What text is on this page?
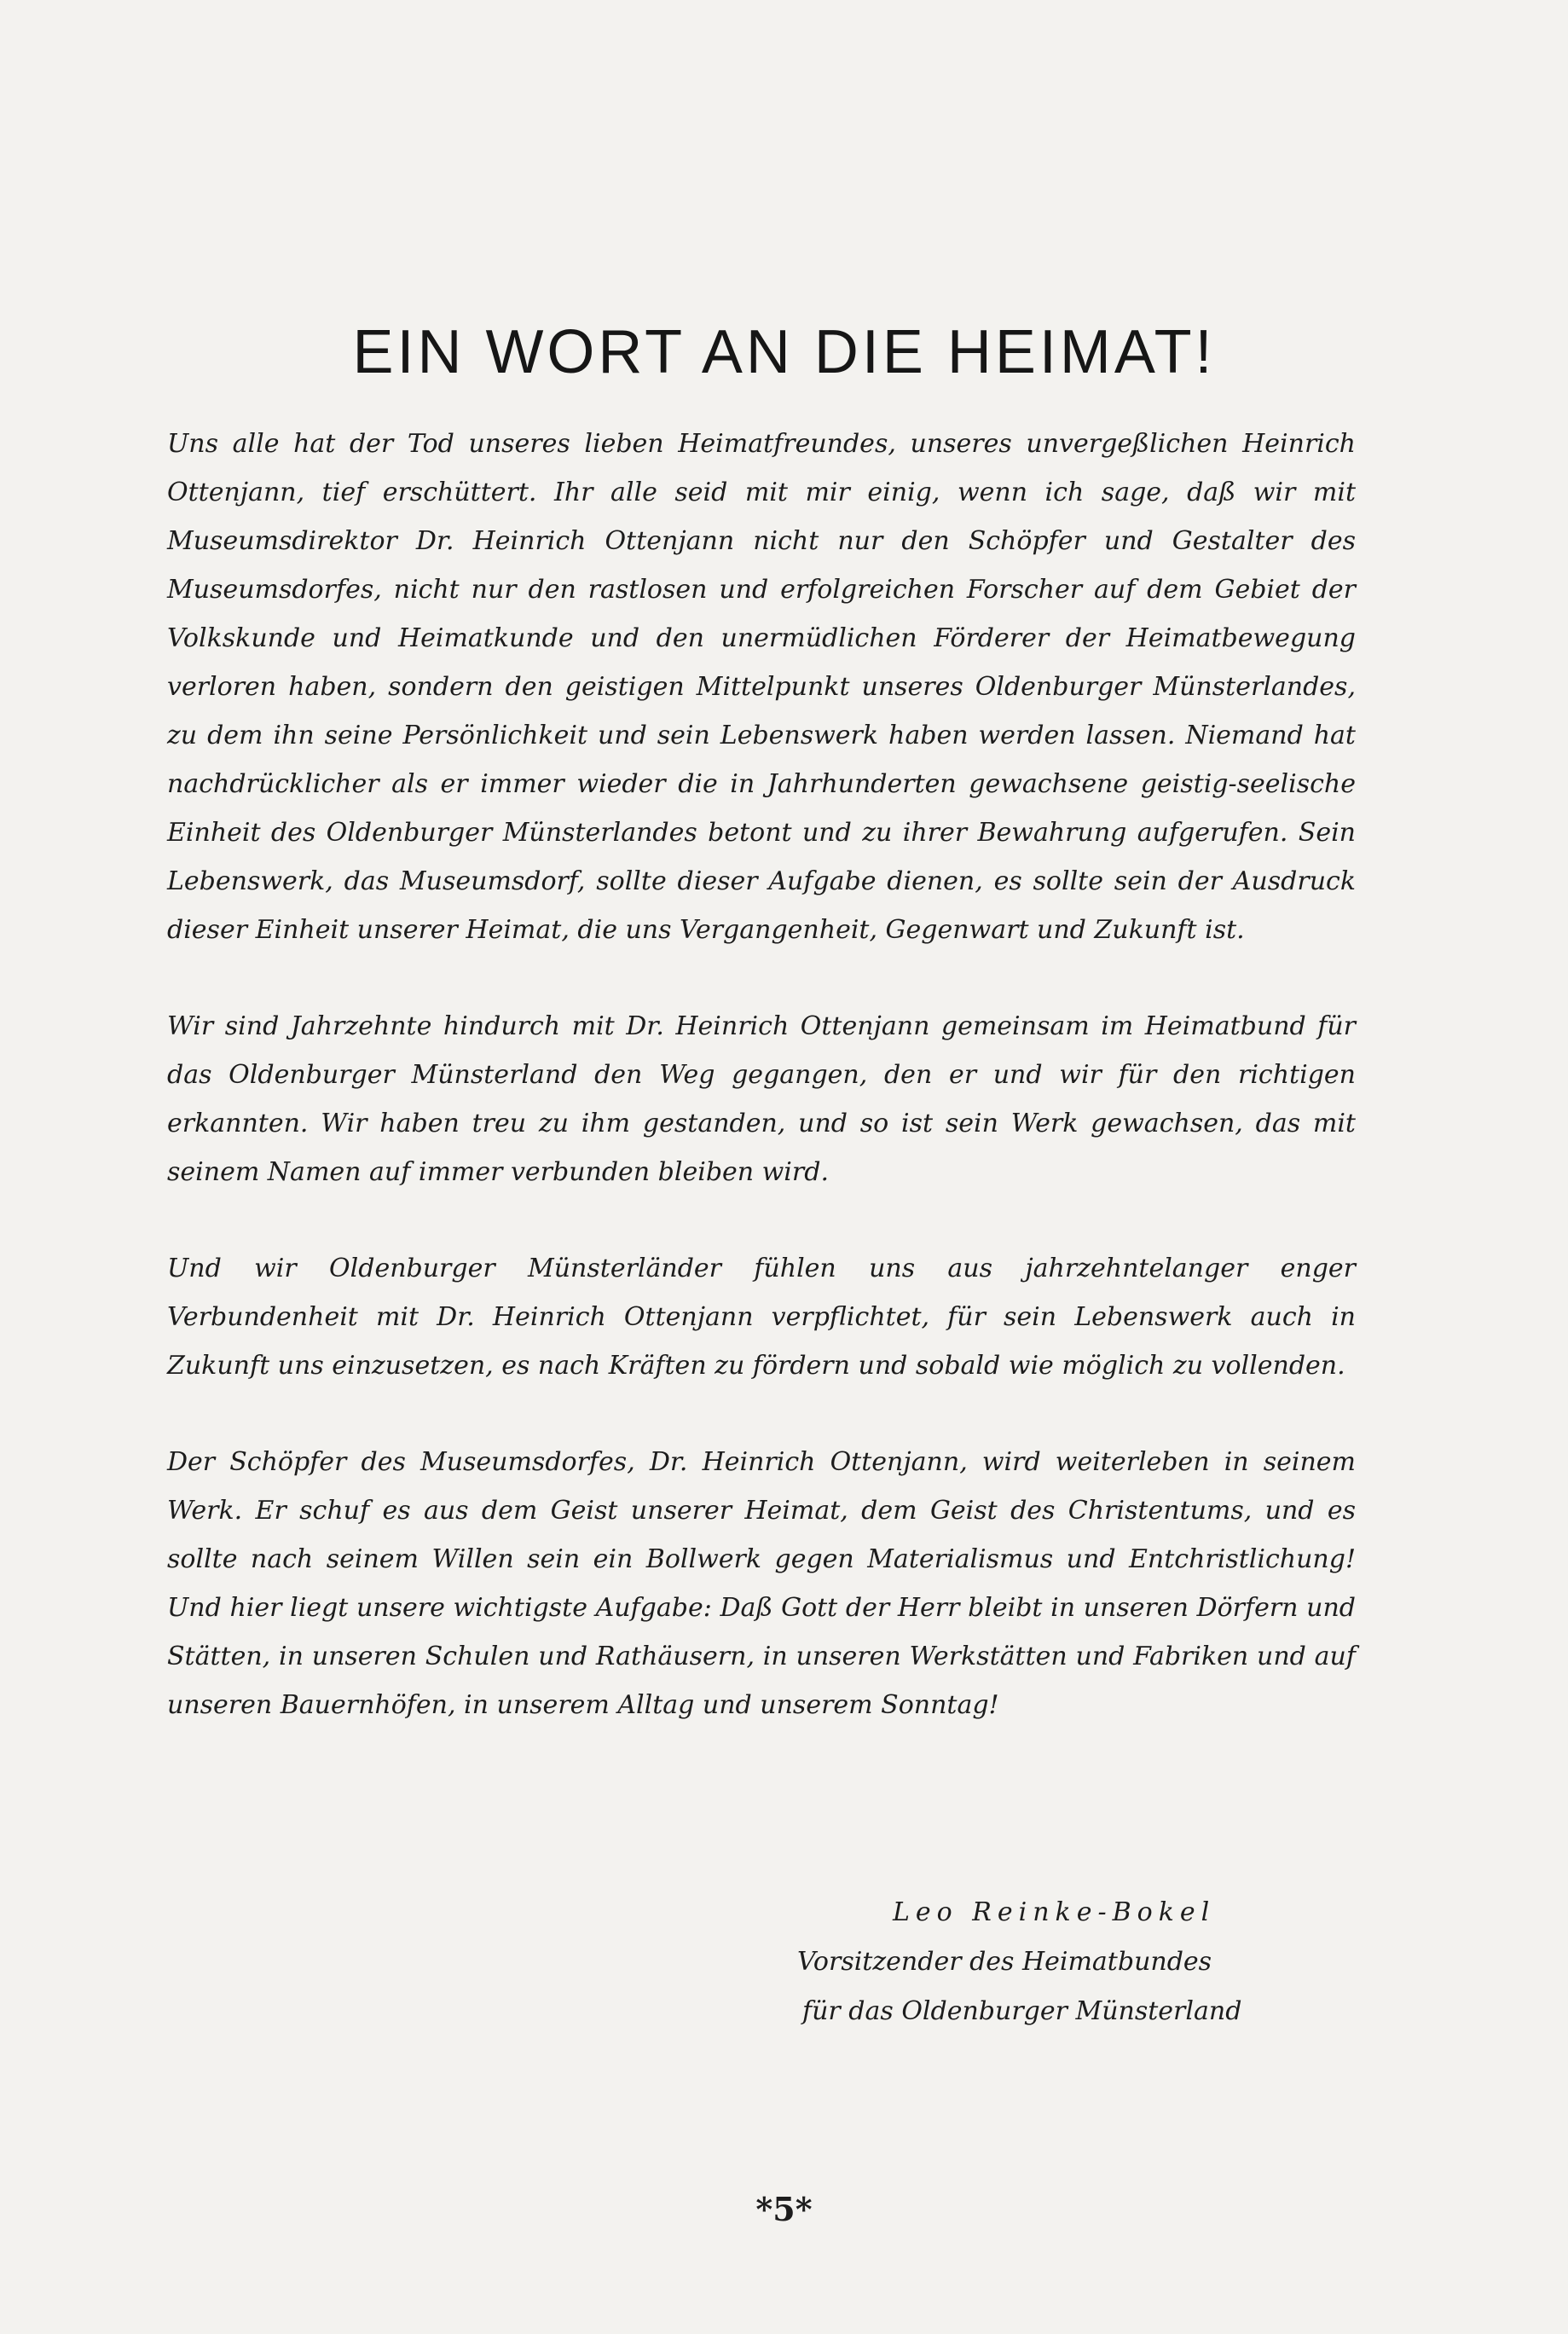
EIN WORT AN DIE HEIMAT!

Uns alle hat der Tod unseres lieben Heimatfreundes, unseres unvergeßlichen Heinrich Ottenjann, tief erschüttert. Ihr alle seid mit mir einig, wenn ich sage, daß wir mit Museumsdirektor Dr. Heinrich Ottenjann nicht nur den Schöpfer und Gestalter des Museumsdorfes, nicht nur den rastlosen und erfolgreichen Forscher auf dem Gebiet der Volkskunde und Heimatkunde und den unermüdlichen Förderer der Heimatbewegung verloren haben, sondern den geistigen Mittelpunkt unseres Oldenburger Münsterlandes, zu dem ihn seine Persönlichkeit und sein Lebenswerk haben werden lassen. Niemand hat nachdrücklicher als er immer wieder die in Jahrhunderten gewachsene geistig-seelische Einheit des Oldenburger Münsterlandes betont und zu ihrer Bewahrung aufgerufen. Sein Lebenswerk, das Museumsdorf, sollte dieser Aufgabe dienen, es sollte sein der Ausdruck dieser Einheit unserer Heimat, die uns Vergangenheit, Gegenwart und Zukunft ist.

Wir sind Jahrzehnte hindurch mit Dr. Heinrich Ottenjann gemeinsam im Heimatbund für das Oldenburger Münsterland den Weg gegangen, den er und wir für den richtigen erkannten. Wir haben treu zu ihm gestanden, und so ist sein Werk gewachsen, das mit seinem Namen auf immer verbunden bleiben wird.

Und wir Oldenburger Münsterländer fühlen uns aus jahrzehntelanger enger Verbundenheit mit Dr. Heinrich Ottenjann verpflichtet, für sein Lebenswerk auch in Zukunft uns einzusetzen, es nach Kräften zu fördern und sobald wie möglich zu vollenden.

Der Schöpfer des Museumsdorfes, Dr. Heinrich Ottenjann, wird weiterleben in seinem Werk. Er schuf es aus dem Geist unserer Heimat, dem Geist des Christentums, und es sollte nach seinem Willen sein ein Bollwerk gegen Materialismus und Entchristlichung! Und hier liegt unsere wichtigste Aufgabe: Daß Gott der Herr bleibt in unseren Dörfern und Stätten, in unseren Schulen und Rathäusern, in unseren Werkstätten und Fabriken und auf unseren Bauernhöfen, in unserem Alltag und unserem Sonntag!

Leo Reinke-Bokel
Vorsitzender des Heimatbundes
für das Oldenburger Münsterland
*5*
